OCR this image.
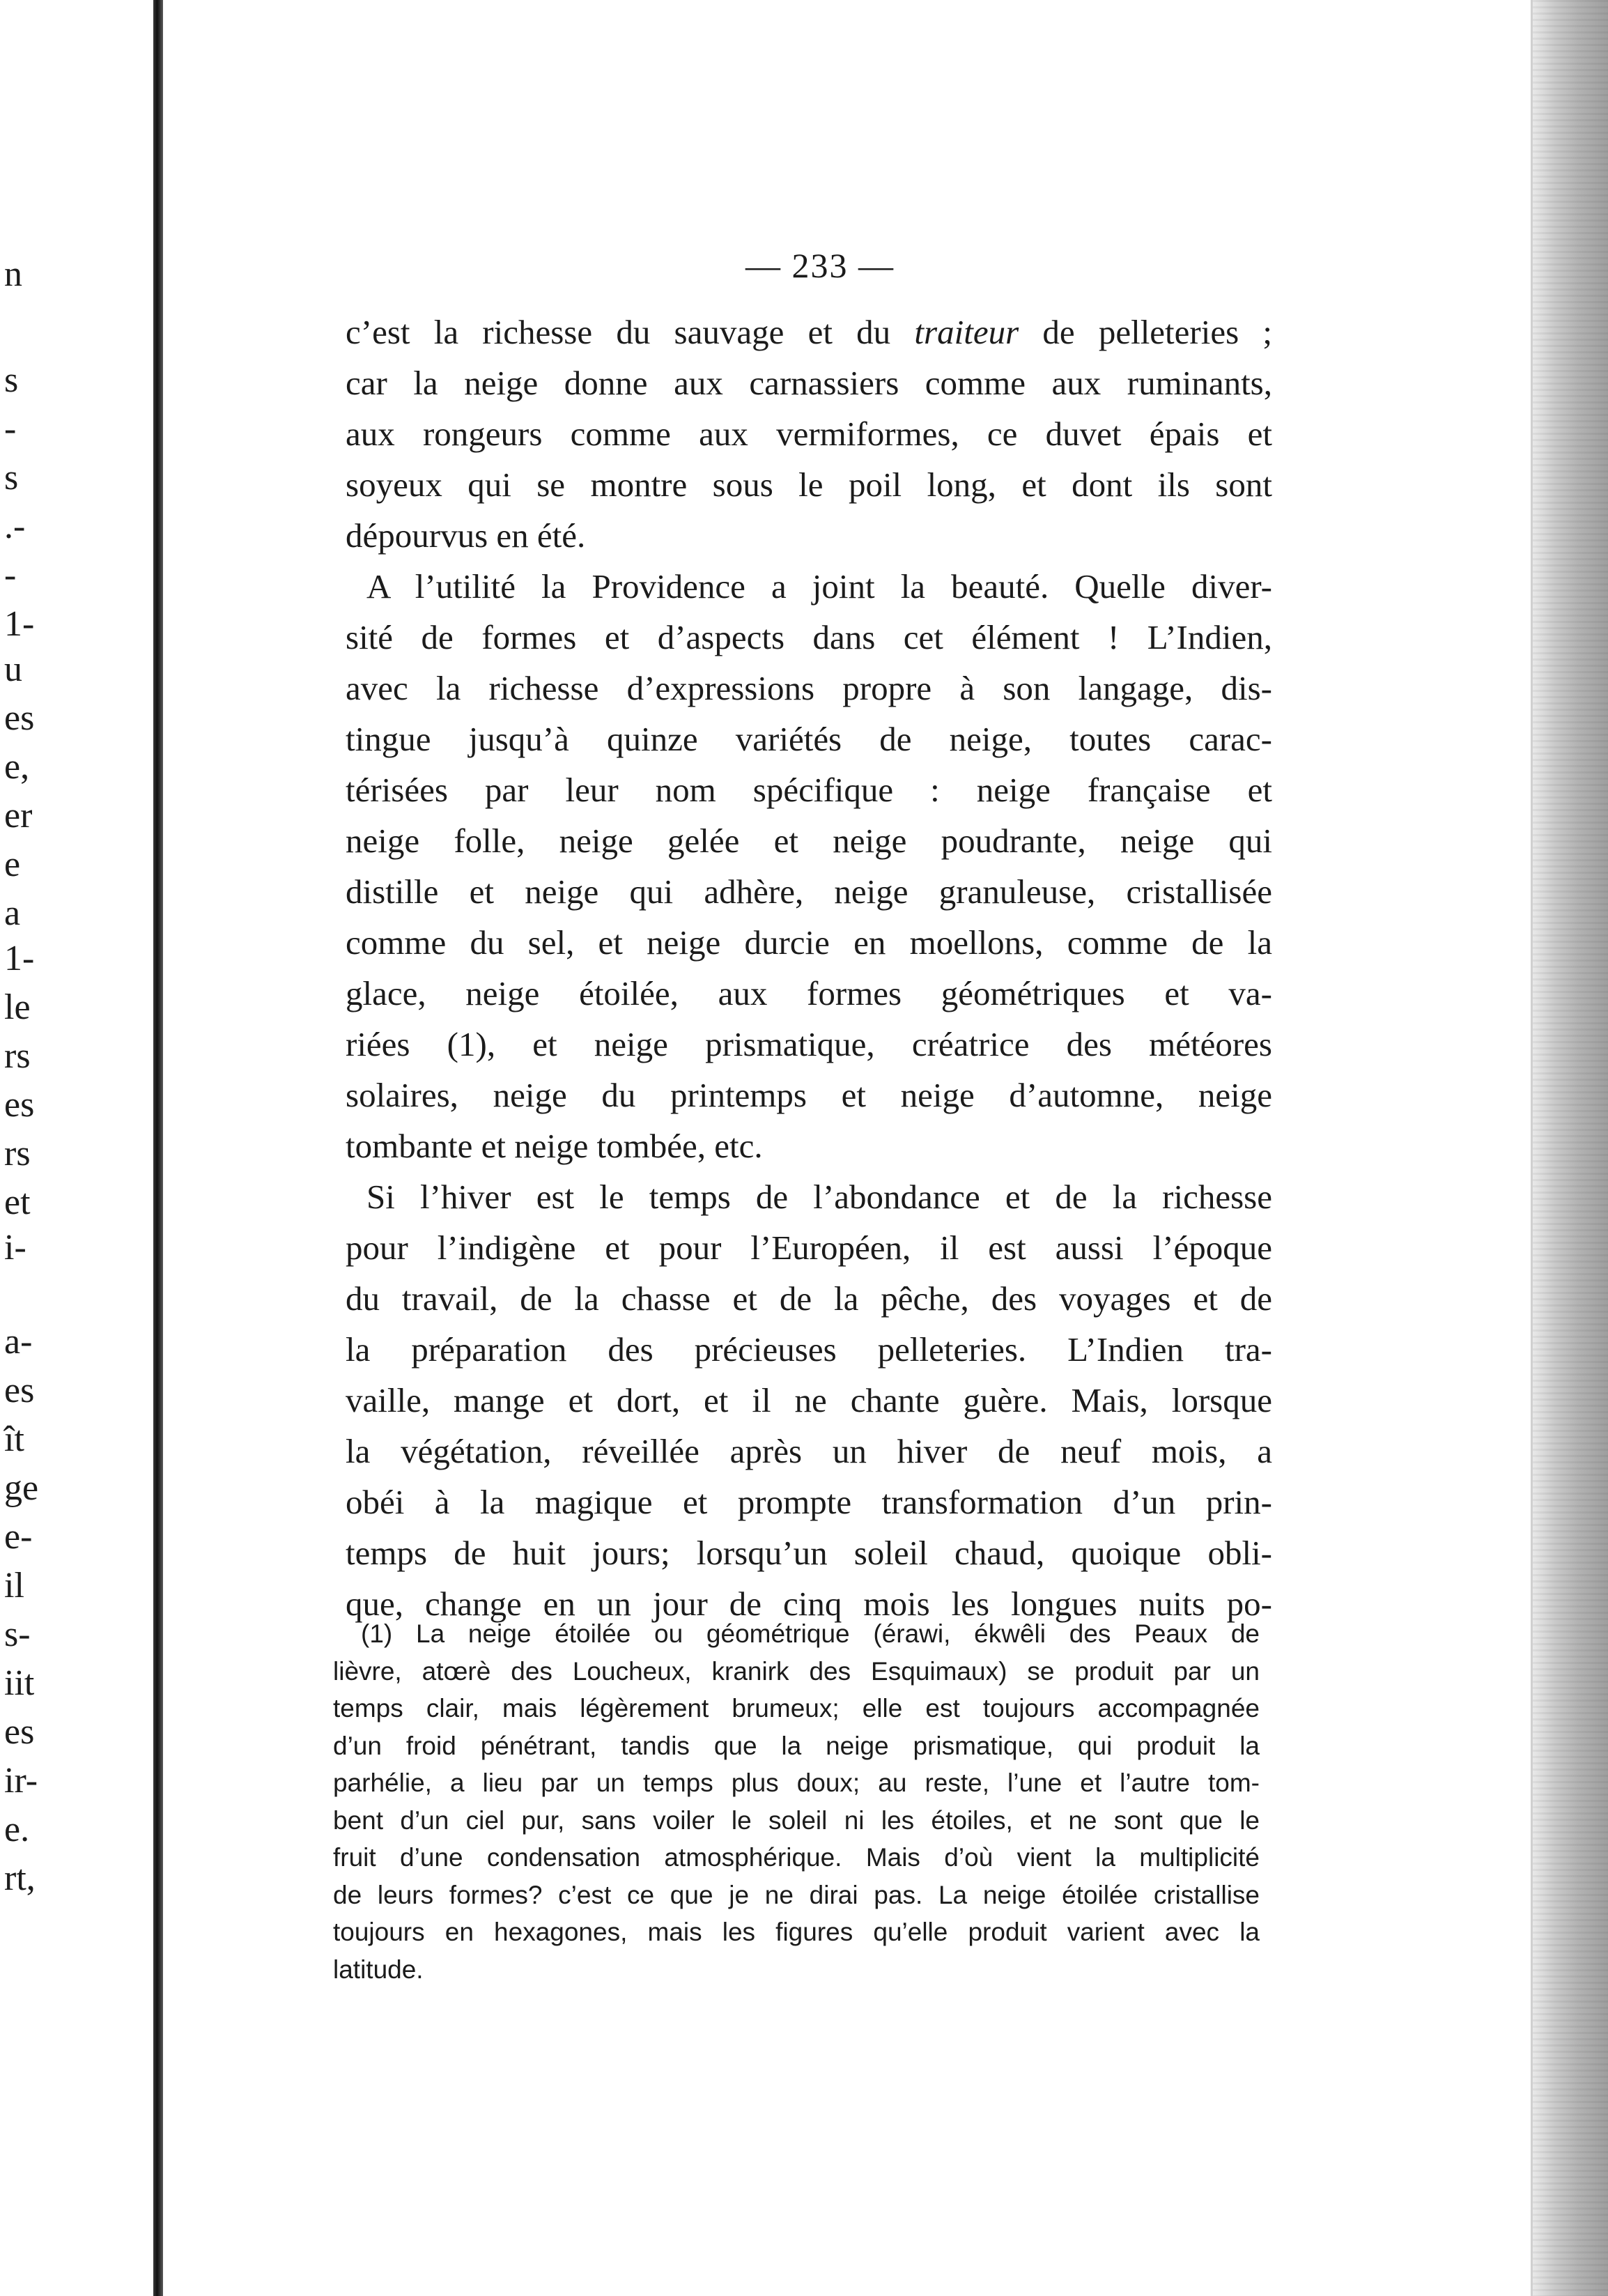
n
s
-
s
.-
-
1-
u
es
e,
er
e
a
1-
le
rs
es
rs
et
i-
a-
es
ît
ge
e-
il
s-
iit
es
ir-
e.
rt,
— 233 —
c’est la richesse du sauvage et du traiteur de pelleteries ;
car la neige donne aux carnassiers comme aux ruminants,
aux rongeurs comme aux vermiformes, ce duvet épais et
soyeux qui se montre sous le poil long, et dont ils sont
dépourvus en été.
A l’utilité la Providence a joint la beauté. Quelle diver-
sité de formes et d’aspects dans cet élément ! L’Indien,
avec la richesse d’expressions propre à son langage, dis-
tingue jusqu’à quinze variétés de neige, toutes carac-
térisées par leur nom spécifique : neige française et
neige folle, neige gelée et neige poudrante, neige qui
distille et neige qui adhère, neige granuleuse, cristallisée
comme du sel, et neige durcie en moellons, comme de la
glace, neige étoilée, aux formes géométriques et va-
riées (1), et neige prismatique, créatrice des météores
solaires, neige du printemps et neige d’automne, neige
tombante et neige tombée, etc.
Si l’hiver est le temps de l’abondance et de la richesse
pour l’indigène et pour l’Européen, il est aussi l’époque
du travail, de la chasse et de la pêche, des voyages et de
la préparation des précieuses pelleteries. L’Indien tra-
vaille, mange et dort, et il ne chante guère. Mais, lorsque
la végétation, réveillée après un hiver de neuf mois, a
obéi à la magique et prompte transformation d’un prin-
temps de huit jours; lorsqu’un soleil chaud, quoique obli-
que, change en un jour de cinq mois les longues nuits po-
(1) La neige étoilée ou géométrique (érawi, ékwêli des Peaux de
lièvre, atœrè des Loucheux, kranirk des Esquimaux) se produit par un
temps clair, mais légèrement brumeux; elle est toujours accompagnée
d’un froid pénétrant, tandis que la neige prismatique, qui produit la
parhélie, a lieu par un temps plus doux; au reste, l’une et l’autre tom-
bent d’un ciel pur, sans voiler le soleil ni les étoiles, et ne sont que le
fruit d’une condensation atmosphérique. Mais d’où vient la multiplicité
de leurs formes? c’est ce que je ne dirai pas. La neige étoilée cristallise
toujours en hexagones, mais les figures qu’elle produit varient avec la
latitude.
